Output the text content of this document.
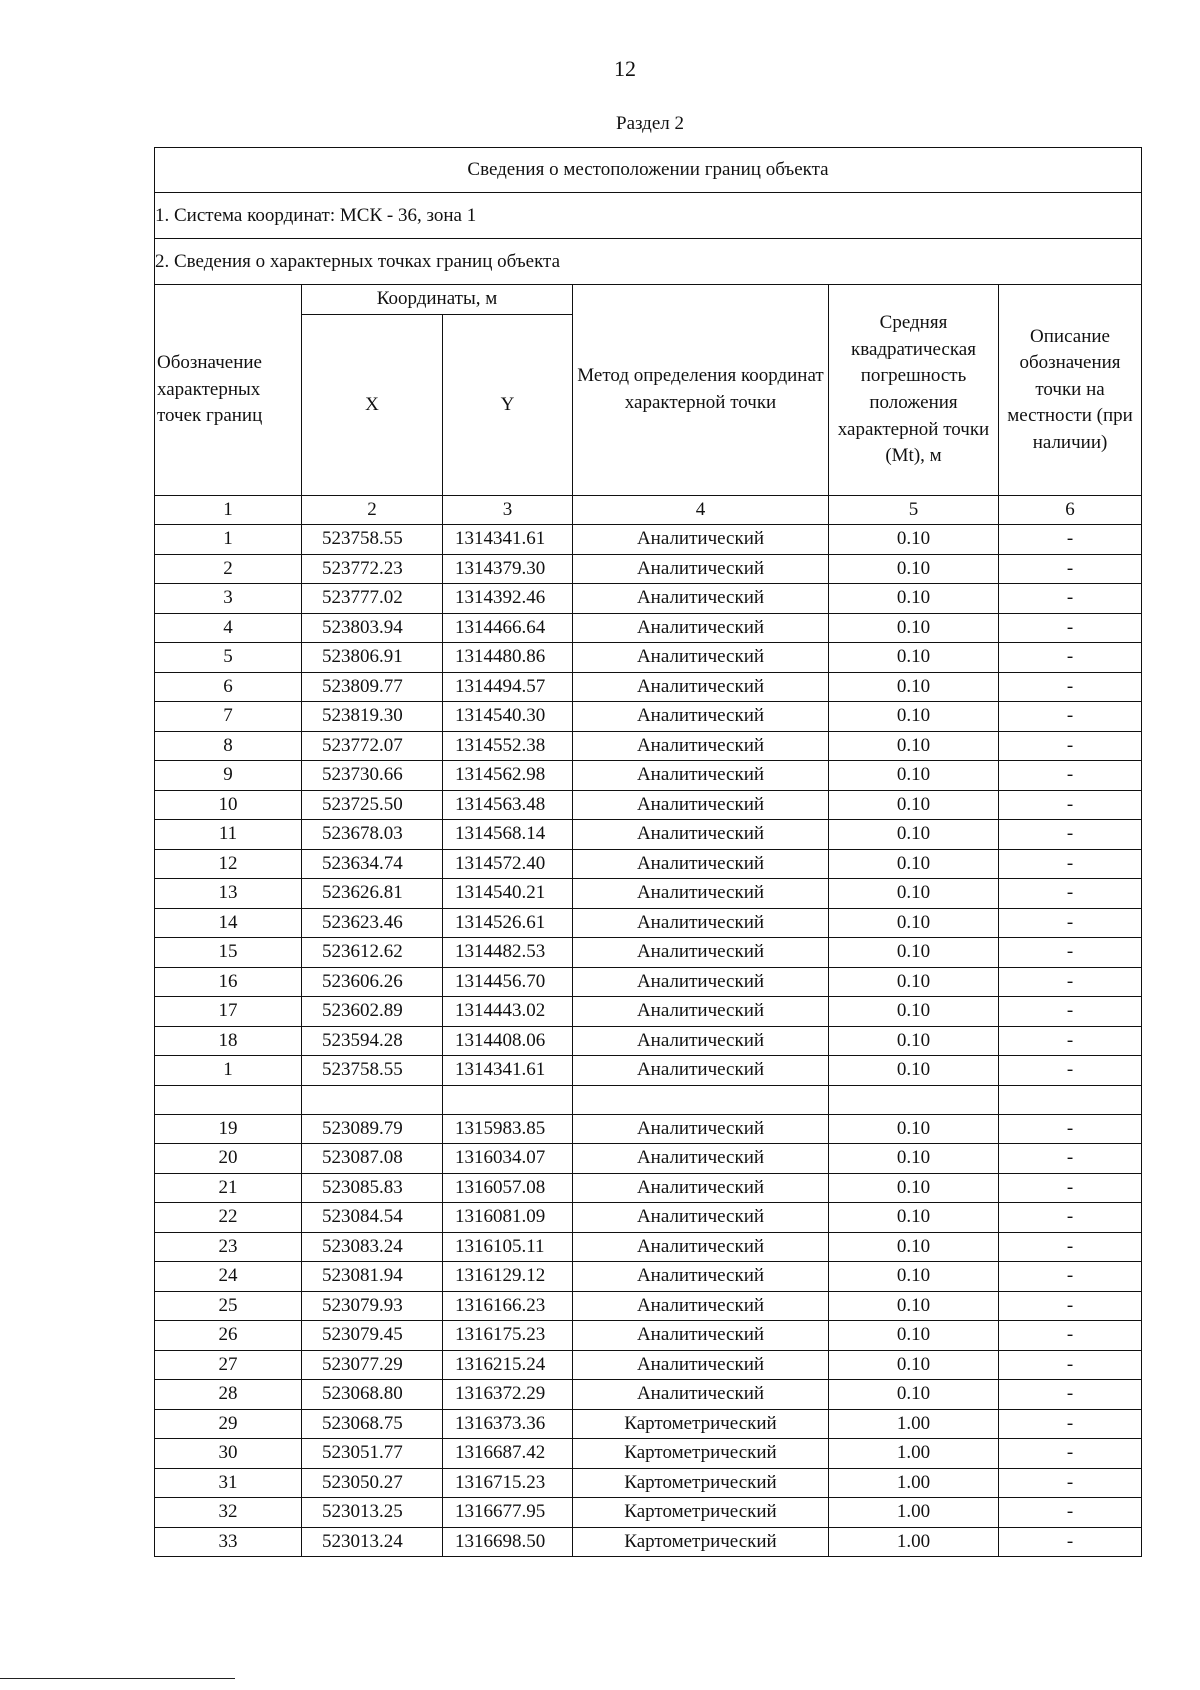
12
Раздел 2
Сведения о местоположении границ объекта					
1. Система координат: МСК - 36, зона 1					
2. Сведения о характерных точках границ объекта					
Обозначение характерных точек границ	Координаты, м		Метод определения координат характерной точки	Средняя квадратическая погрешность положения характерной точки (Mt), м	Описание обозначения точки на местности (при наличии)
	X	Y			
1	2	3	4	5	6
1	523758.55	1314341.61	Аналитический	0.10	-
2	523772.23	1314379.30	Аналитический	0.10	-
3	523777.02	1314392.46	Аналитический	0.10	-
4	523803.94	1314466.64	Аналитический	0.10	-
5	523806.91	1314480.86	Аналитический	0.10	-
6	523809.77	1314494.57	Аналитический	0.10	-
7	523819.30	1314540.30	Аналитический	0.10	-
8	523772.07	1314552.38	Аналитический	0.10	-
9	523730.66	1314562.98	Аналитический	0.10	-
10	523725.50	1314563.48	Аналитический	0.10	-
11	523678.03	1314568.14	Аналитический	0.10	-
12	523634.74	1314572.40	Аналитический	0.10	-
13	523626.81	1314540.21	Аналитический	0.10	-
14	523623.46	1314526.61	Аналитический	0.10	-
15	523612.62	1314482.53	Аналитический	0.10	-
16	523606.26	1314456.70	Аналитический	0.10	-
17	523602.89	1314443.02	Аналитический	0.10	-
18	523594.28	1314408.06	Аналитический	0.10	-
1	523758.55	1314341.61	Аналитический	0.10	-

19	523089.79	1315983.85	Аналитический	0.10	-
20	523087.08	1316034.07	Аналитический	0.10	-
21	523085.83	1316057.08	Аналитический	0.10	-
22	523084.54	1316081.09	Аналитический	0.10	-
23	523083.24	1316105.11	Аналитический	0.10	-
24	523081.94	1316129.12	Аналитический	0.10	-
25	523079.93	1316166.23	Аналитический	0.10	-
26	523079.45	1316175.23	Аналитический	0.10	-
27	523077.29	1316215.24	Аналитический	0.10	-
28	523068.80	1316372.29	Аналитический	0.10	-
29	523068.75	1316373.36	Картометрический	1.00	-
30	523051.77	1316687.42	Картометрический	1.00	-
31	523050.27	1316715.23	Картометрический	1.00	-
32	523013.25	1316677.95	Картометрический	1.00	-
33	523013.24	1316698.50	Картометрический	1.00	-
